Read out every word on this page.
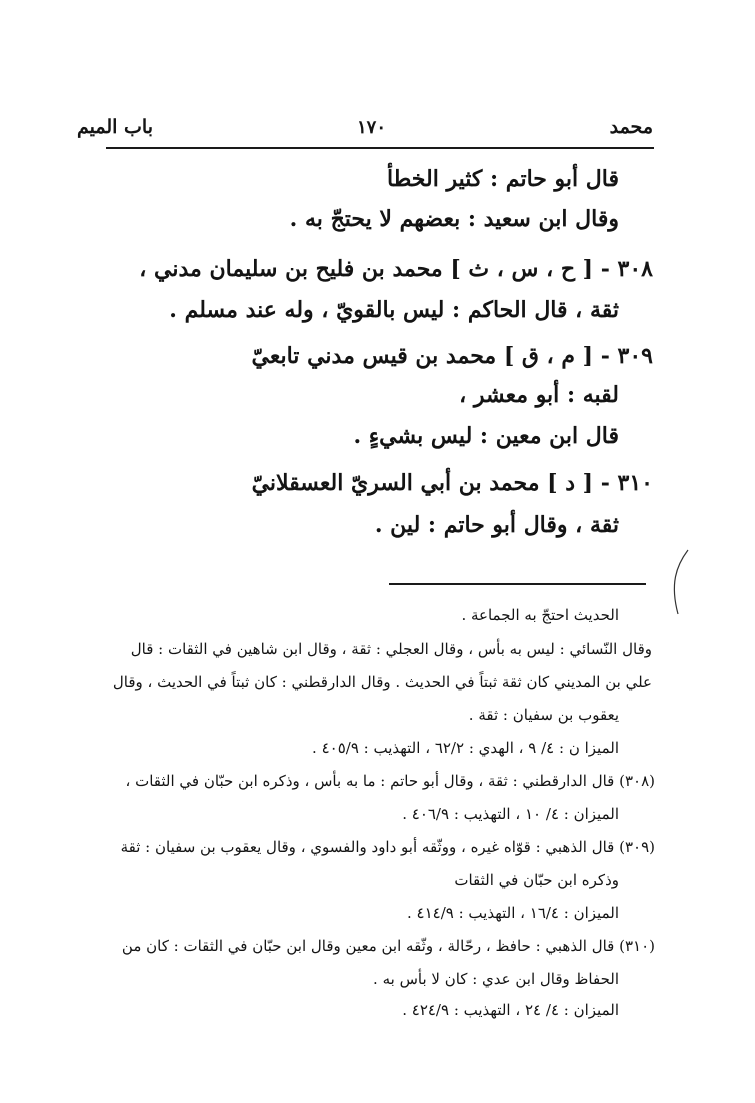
باب الميم	١٧٠	محمد
قال أبو حاتم : كثير الخطأ
وقال ابن سعيد : بعضهم لا يحتجّ به .
٣٠٨ - [ ح ، س ، ث ] محمد بن فليح بن سليمان مدني ،
ثقة ، قال الحاكم : ليس بالقويّ ، وله عند مسلم .
٣٠٩ - [ م ، ق ] محمد بن قيس مدني تابعيّ
لقبه : أبو معشر ،
قال ابن معين : ليس بشيءٍ .
٣١٠ - [ د ] محمد بن أبي السريّ العسقلانيّ
ثقة ، وقال أبو حاتم : لين .
الحديث احتجّ به الجماعة .
وقال النّسائي : ليس به بأس ، وقال العجلي : ثقة ، وقال ابن شاهين في الثقات : قال
علي بن المديني كان ثقة ثبتاً في الحديث . وقال الدارقطني : كان ثبتاً في الحديث ، وقال
يعقوب بن سفيان : ثقة .
الميزا ن : ٤/ ٩ ، الهدي : ٦٢/٢ ، التهذيب : ٤٠٥/٩ .
(٣٠٨) قال الدارقطني : ثقة ، وقال أبو حاتم : ما به بأس ، وذكره ابن حبّان في الثقات ،
الميزان : ٤/ ١٠ ، التهذيب : ٤٠٦/٩ .
(٣٠٩) قال الذهبي : قوّاه غيره ، ووثّقه أبو داود والفسوي ، وقال يعقوب بن سفيان : ثقة
وذكره ابن حبّان في الثقات
الميزان : ١٦/٤ ، التهذيب : ٤١٤/٩ .
(٣١٠) قال الذهبي : حافظ ، رحّالة ، وثّقه ابن معين وقال ابن حبّان في الثقات : كان من
الحفاظ وقال ابن عدي : كان لا بأس به .
الميزان : ٤/ ٢٤ ، التهذيب : ٤٢٤/٩ .
